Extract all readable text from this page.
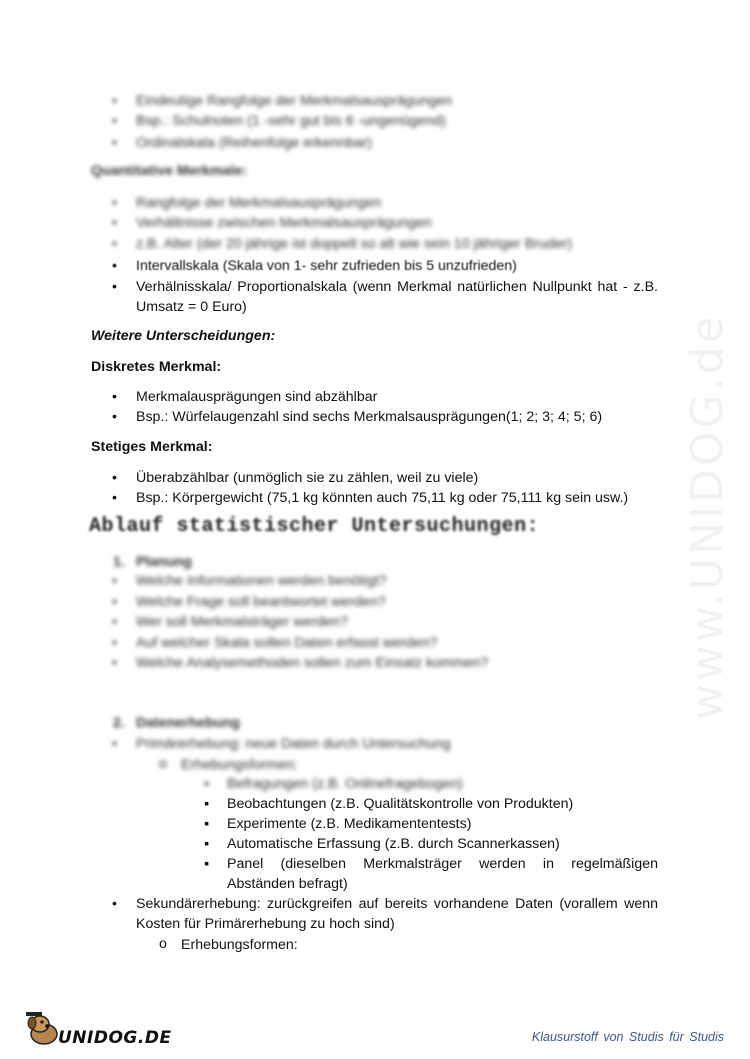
www.UNIDOG.de
• Eindeutige Rangfolge der Merkmalsausprägungen
• Bsp.: Schulnoten (1 -sehr gut bis 6 -ungenügend)
• Ordinalskala (Reihenfolge erkennbar)
Quantitative Merkmale:
• Rangfolge der Merkmalsausprägungen
• Verhältnisse zwischen Merkmalsausprägungen
• z.B. Alter (der 20 jährige ist doppelt so alt wie sein 10 jähriger Bruder)
• Intervallskala (Skala von 1- sehr zufrieden bis 5 unzufrieden)
• Verhälnisskala/ Proportionalskala (wenn Merkmal natürlichen Nullpunkt hat - z.B. Umsatz = 0 Euro)
Weitere Unterscheidungen:
Diskretes Merkmal:
• Merkmalausprägungen sind abzählbar
• Bsp.: Würfelaugenzahl sind sechs Merkmalsausprägungen(1; 2; 3; 4; 5; 6)
Stetiges Merkmal:
• Überabzählbar (unmöglich sie zu zählen, weil zu viele)
• Bsp.: Körpergewicht (75,1 kg könnten auch 75,11 kg oder 75,111 kg sein usw.)
Ablauf statistischer Untersuchungen:
1. Planung
• Welche Informationen werden benötigt?
• Welche Frage soll beantwortet werden?
• Wer soll Merkmalsträger werden?
• Auf welcher Skala sollen Daten erfasst werden?
• Welche Analysemethoden sollen zum Einsatz kommen?
2. Datenerhebung
• Primärerhebung: neue Daten durch Untersuchung
o Erhebungsformen:
▪ Befragungen (z.B. Onlinefragebogen)
▪ Beobachtungen (z.B. Qualitätskontrolle von Produkten)
▪ Experimente (z.B. Medikamententests)
▪ Automatische Erfassung (z.B. durch Scannerkassen)
▪ Panel (dieselben Merkmalsträger werden in regelmäßigen Abständen befragt)
• Sekundärerhebung: zurückgreifen auf bereits vorhandene Daten (vorallem wenn Kosten für Primärerhebung zu hoch sind)
o Erhebungsformen:
UNIDOG.DE	Klausurstoff von Studis für Studis
